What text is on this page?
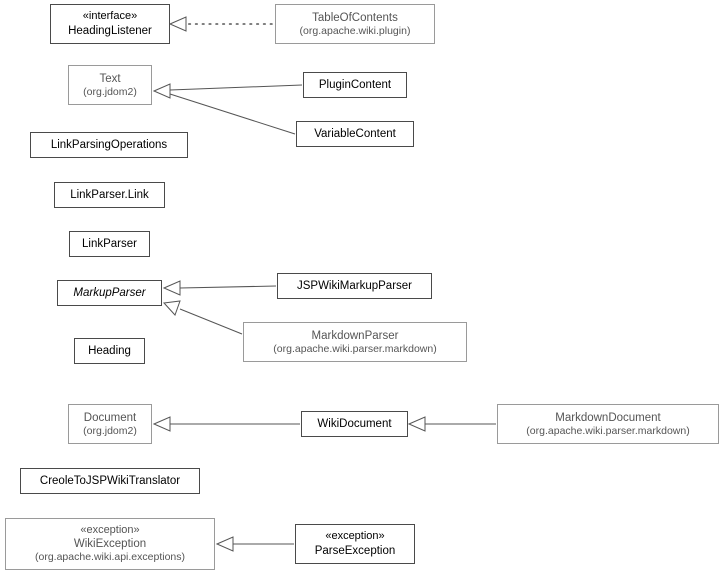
«interface»
HeadingListener
TableOfContents
(org.apache.wiki.plugin)
Text
(org.jdom2)
PluginContent
VariableContent
LinkParsingOperations
LinkParser.Link
LinkParser
MarkupParser
JSPWikiMarkupParser
MarkdownParser
(org.apache.wiki.parser.markdown)
Heading
Document
(org.jdom2)
WikiDocument
MarkdownDocument
(org.apache.wiki.parser.markdown)
CreoleToJSPWikiTranslator
«exception»
WikiException
(org.apache.wiki.api.exceptions)
«exception»
ParseException
